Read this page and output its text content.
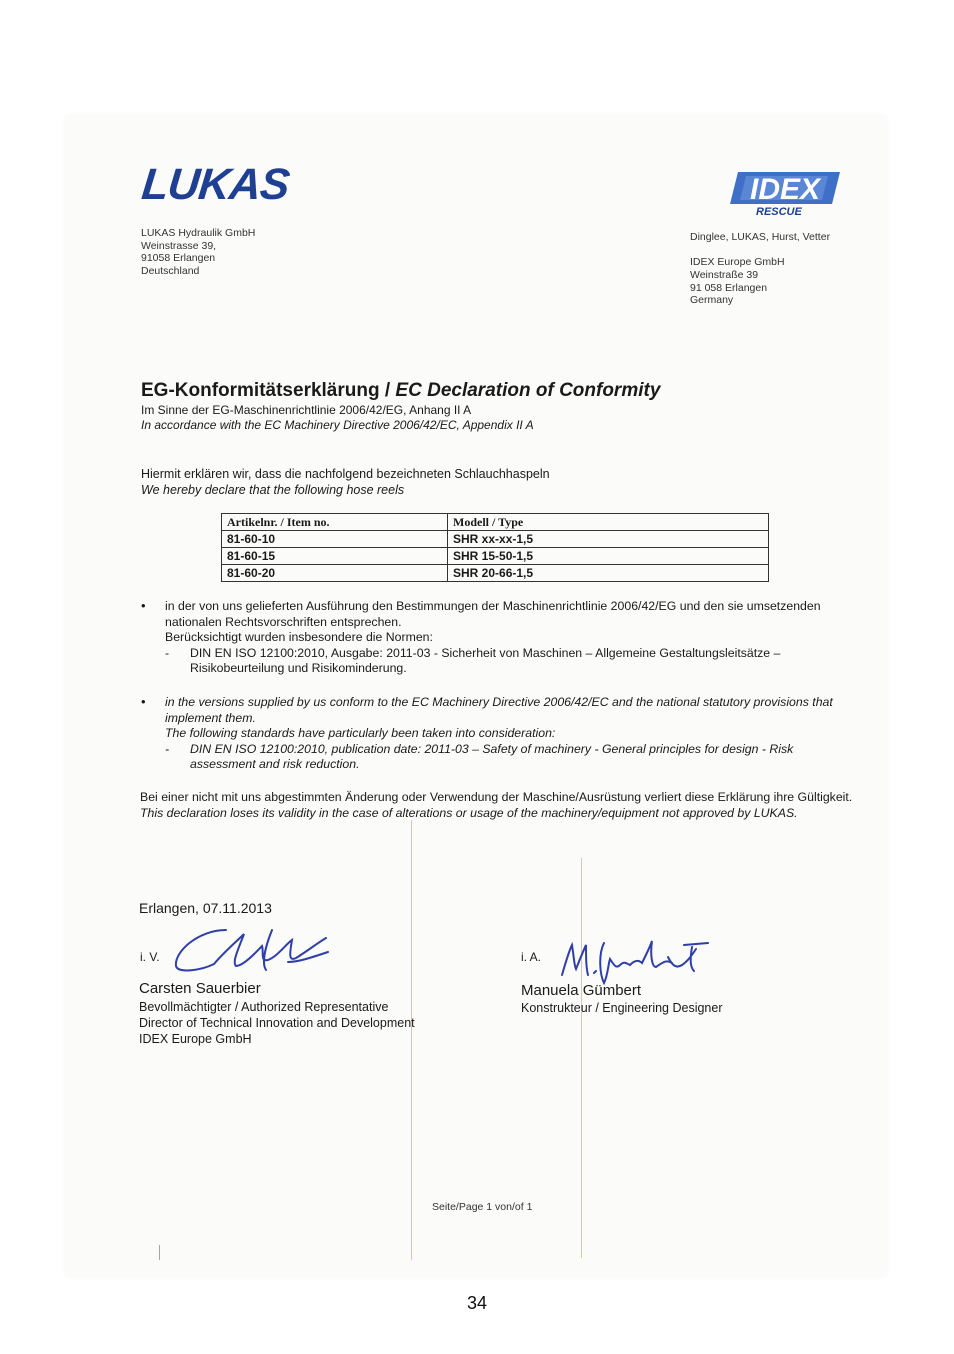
LUKAS
LUKAS Hydraulik GmbH
Weinstrasse 39,
91058 Erlangen
Deutschland
IDEX
RESCUE
Dinglee, LUKAS, Hurst, Vetter
IDEX Europe GmbH
Weinstraße 39
91 058 Erlangen
Germany
EG-Konformitätserklärung / EC Declaration of Conformity
Im Sinne der EG-Maschinenrichtlinie 2006/42/EG, Anhang II A
In accordance with the EC Machinery Directive 2006/42/EC, Appendix II A
Hiermit erklären wir, dass die nachfolgend bezeichneten Schlauchhaspeln
We hereby declare that the following hose reels
Artikelnr. / Item no.	Modell / Type
81-60-10	SHR xx-xx-1,5
81-60-15	SHR 15-50-1,5
81-60-20	SHR 20-66-1,5
• in der von uns gelieferten Ausführung den Bestimmungen der Maschinenrichtlinie 2006/42/EG und den sie umsetzenden nationalen Rechtsvorschriften entsprechen.
Berücksichtigt wurden insbesondere die Normen:
- DIN EN ISO 12100:2010, Ausgabe: 2011-03 - Sicherheit von Maschinen – Allgemeine Gestaltungsleitsätze – Risikobeurteilung und Risikominderung.
• in the versions supplied by us conform to the EC Machinery Directive 2006/42/EC and the national statutory provisions that implement them.
The following standards have particularly been taken into consideration:
- DIN EN ISO 12100:2010, publication date: 2011-03 – Safety of machinery - General principles for design - Risk assessment and risk reduction.
Bei einer nicht mit uns abgestimmten Änderung oder Verwendung der Maschine/Ausrüstung verliert diese Erklärung ihre Gültigkeit.
This declaration loses its validity in the case of alterations or usage of the machinery/equipment not approved by LUKAS.
Erlangen, 07.11.2013
i. V.
Carsten Sauerbier
Bevollmächtigter / Authorized Representative
Director of Technical Innovation and Development
IDEX Europe GmbH
i. A.
Manuela Gümbert
Konstrukteur / Engineering Designer
Seite/Page 1 von/of 1
34
